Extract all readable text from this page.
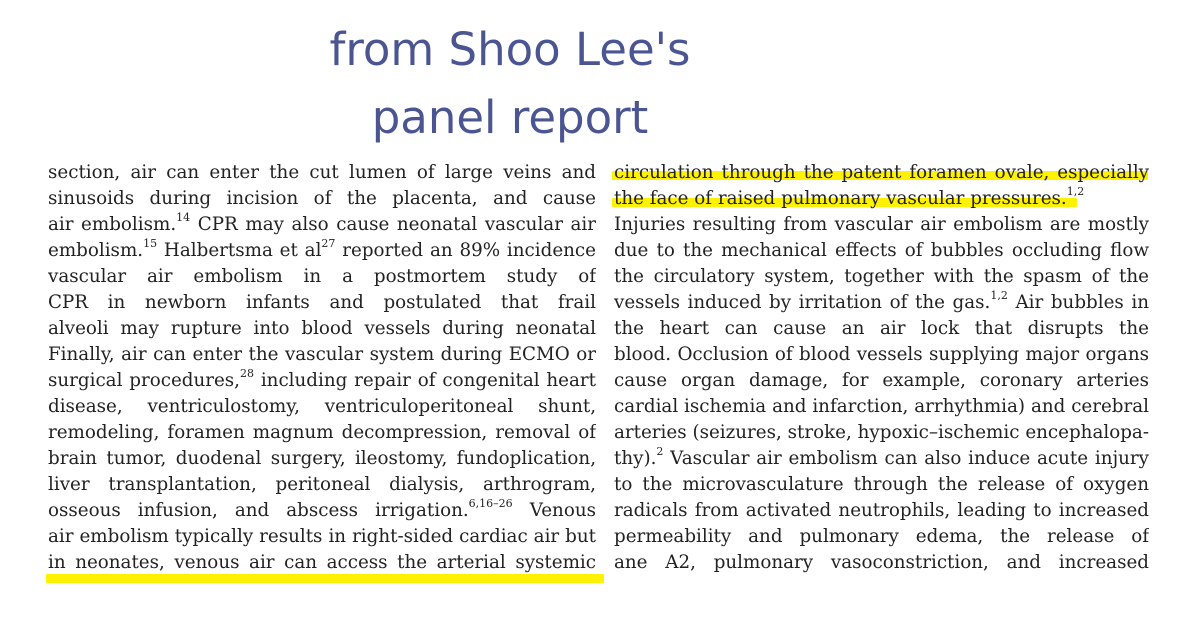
from Shoo Lee's
panel report
section, air can enter the cut lumen of large veins and
sinusoids during incision of the placenta, and cause
air embolism.$^{14}$ CPR may also cause neonatal vascular air
embolism.$^{15}$ Halbertsma et $al^{27}$ reported an 89% incidence
vascular air embolism in a postmortem study of
CPR in newborn infants and postulated that frail
alveoli may rupture into blood vessels during neonatal
Finally, air can enter the vascular system during ECMO or
surgical procedures,$^{28}$ including repair of congenital heart
disease, ventriculostomy, ventriculoperitoneal shunt,
remodeling, foramen magnum decompression, removal of
brain tumor, duodenal surgery, ileostomy, fundoplication,
liver transplantation, peritoneal dialysis, arthrogram,
osseous infusion, and abscess irrigation.$^{6,16-26}$ Venous
air embolism typically results in right-sided cardiac air but
in neonates, venous air can access the arterial systemic
circulation through the patent foramen ovale, especially
the face of raised pulmonary vascular pressures.$^{1,2}$
Injuries resulting from vascular air embolism are mostly
due to the mechanical effects of bubbles occluding flow
the circulatory system, together with the spasm of the
vessels induced by irritation of the gas.$^{1,2}$ Air bubbles in
the heart can cause an air lock that disrupts the
blood. Occlusion of blood vessels supplying major organs
cause organ damage, for example, coronary arteries
cardial ischemia and infarction, arrhythmia) and cerebral
arteries (seizures, stroke, hypoxic–ischemic encephalopa-
thy).$^2$ Vascular air embolism can also induce acute injury
to the microvasculature through the release of oxygen
radicals from activated neutrophils, leading to increased
permeability and pulmonary edema, the release of
ane A2, pulmonary vasoconstriction, and increased
